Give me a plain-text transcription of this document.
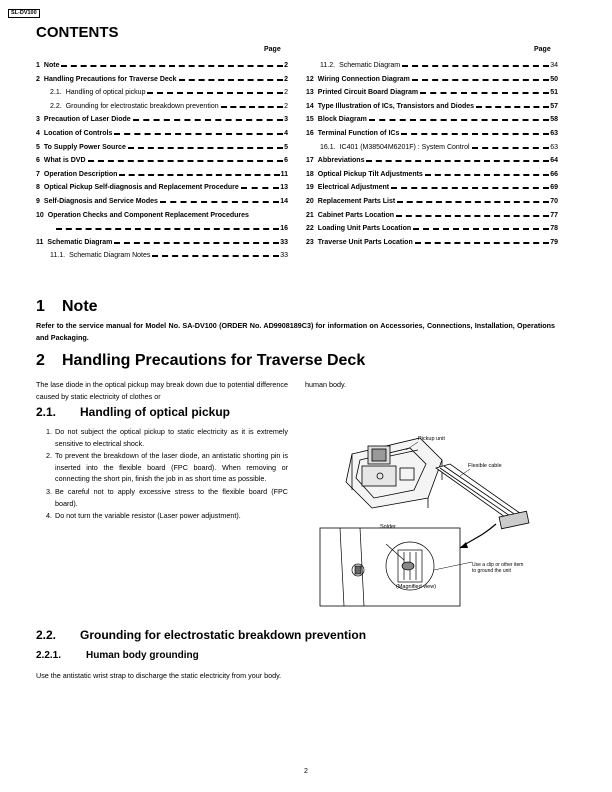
SL-DV100
CONTENTS
Page	Page
1 Note	2
2 Handling Precautions for Traverse Deck	2
2.1. Handling of optical pickup	2
2.2. Grounding for electrostatic breakdown prevention	2
3 Precaution of Laser Diode	3
4 Location of Controls	4
5 To Supply Power Source	5
6 What is DVD	6
7 Operation Description	11
8 Optical Pickup Self-diagnosis and Replacement Procedure	13
9 Self-Diagnosis and Service Modes	14
10 Operation Checks and Component Replacement Procedures
16
11 Schematic Diagram	33
11.1. Schematic Diagram Notes	33
11.2. Schematic Diagram	34
12 Wiring Connection Diagram	50
13 Printed Circuit Board Diagram	51
14 Type Illustration of ICs, Transistors and Diodes	57
15 Block Diagram	58
16 Terminal Function of ICs	63
16.1. IC401 (M38504M6201F) : System Control	63
17 Abbreviations	64
18 Optical Pickup Tilt Adjustments	66
19 Electrical Adjustment	69
20 Replacement Parts List	70
21 Cabinet Parts Location	77
22 Loading Unit Parts Location	78
23 Traverse Unit Parts Location	79
1 Note

Refer to the service manual for Model No. SA-DV100 (ORDER No. AD9908189C3) for information on Accessories, Connections, Installation, Operations and Packaging.

2 Handling Precautions for Traverse Deck

The lase diode in the optical pickup may break down due to potential difference caused by static electricity of clothes or

human body.

2.1. Handling of optical pickup
1. Do not subject the optical pickup to static electricity as it is extremely sensitive to electrical shock.
2. To prevent the breakdown of the laser diode, an antistatic shorting pin is inserted into the flexible board (FPC board). When removing or connecting the short pin, finish the job in as short time as possible.
3. Be careful not to apply excessive stress to the flexible board (FPC board).
4. Do not turn the variable resistor (Laser power adjustment).
Pickup unit
Flexible cable
Solder
(Magnified view)
Use a clip or other item
to ground the unit
2.2. Grounding for electrostatic breakdown prevention
2.2.1. Human body grounding

Use the antistatic wrist strap to discharge the static electricity from your body.

2
